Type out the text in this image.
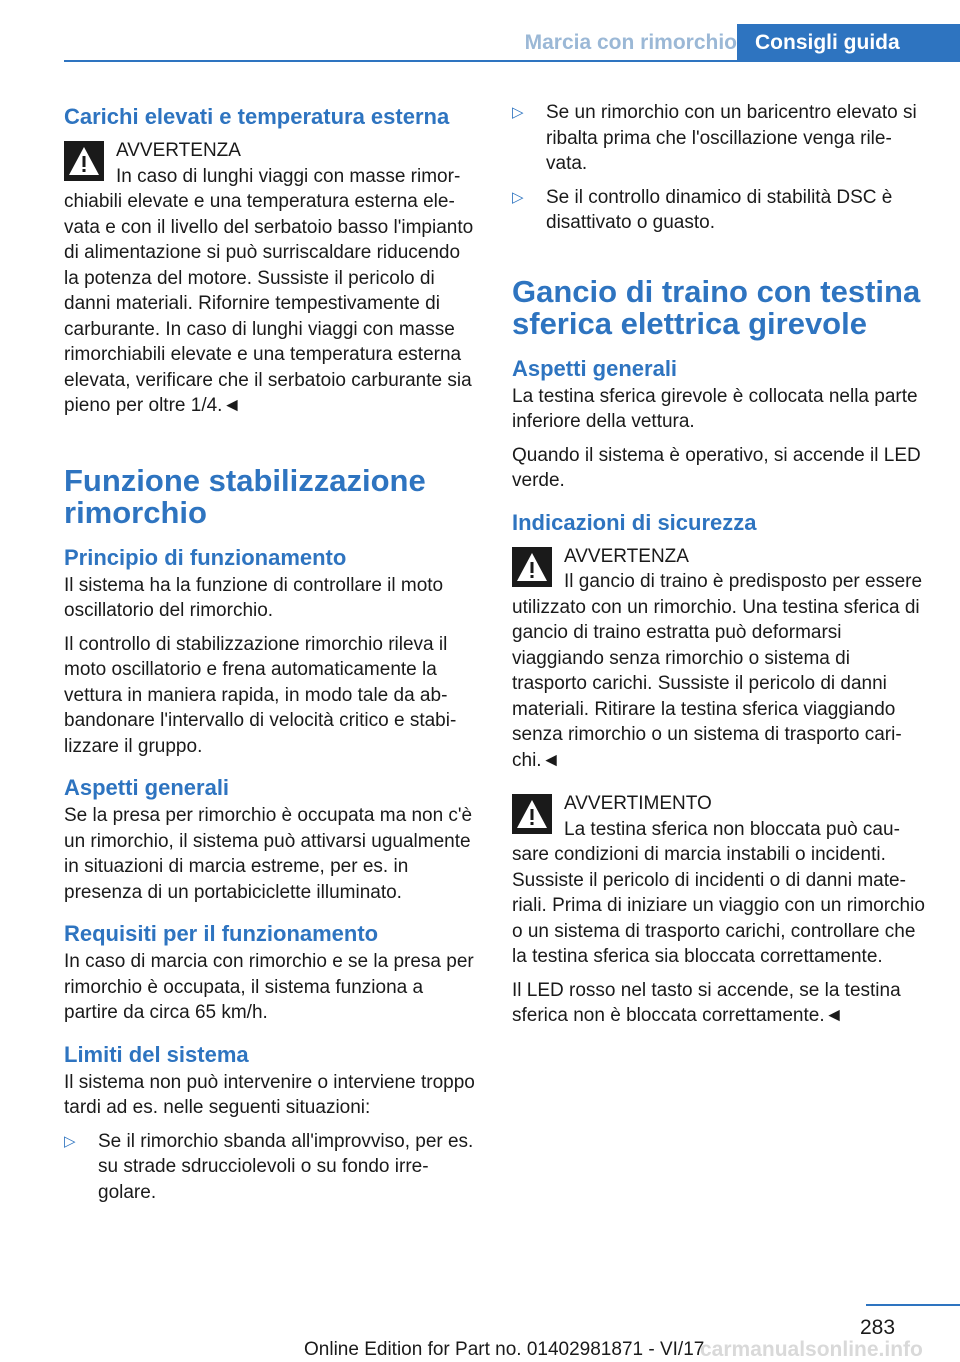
Marcia con rimorchio Consigli guida
Carichi elevati e temperatura esterna
AVVERTENZA
In caso di lunghi viaggi con masse rimorchiabili elevate e una temperatura esterna elevata e con il livello del serbatoio basso l'impianto di alimentazione si può surriscaldare riducendo la potenza del motore. Sussiste il pericolo di danni materiali. Rifornire tempestivamente di carburante. In caso di lunghi viaggi con masse rimorchiabili elevate e una temperatura esterna elevata, verificare che il serbatoio carburante sia pieno per oltre 1/4.◄
Funzione stabilizzazione rimorchio
Principio di funzionamento

Il sistema ha la funzione di controllare il moto oscillatorio del rimorchio.

Il controllo di stabilizzazione rimorchio rileva il moto oscillatorio e frena automaticamente la vettura in maniera rapida, in modo tale da abbandonare l'intervallo di velocità critico e stabilizzare il gruppo.

Aspetti generali

Se la presa per rimorchio è occupata ma non c'è un rimorchio, il sistema può attivarsi ugualmente in situazioni di marcia estreme, per es. in presenza di un portabiciclette illuminato.

Requisiti per il funzionamento

In caso di marcia con rimorchio e se la presa per rimorchio è occupata, il sistema funziona a partire da circa 65 km/h.

Limiti del sistema

Il sistema non può intervenire o interviene troppo tardi ad es. nelle seguenti situazioni:

▷ Se il rimorchio sbanda all'improvviso, per es. su strade sdrucciolevoli o su fondo irregolare.
▷ Se un rimorchio con un baricentro elevato si ribalta prima che l'oscillazione venga rilevata.
▷ Se il controllo dinamico di stabilità DSC è disattivato o guasto.
Gancio di traino con testina sferica elettrica girevole
Aspetti generali

La testina sferica girevole è collocata nella parte inferiore della vettura.

Quando il sistema è operativo, si accende il LED verde.

Indicazioni di sicurezza
AVVERTENZA
Il gancio di traino è predisposto per essere utilizzato con un rimorchio. Una testina sferica di gancio di traino estratta può deformarsi viaggiando senza rimorchio o sistema di trasporto carichi. Sussiste il pericolo di danni materiali. Ritirare la testina sferica viaggiando senza rimorchio o un sistema di trasporto carichi.◄
AVVERTIMENTO
La testina sferica non bloccata può causare condizioni di marcia instabili o incidenti. Sussiste il pericolo di incidenti o di danni materiali. Prima di iniziare un viaggio con un rimorchio o un sistema di trasporto carichi, controllare che la testina sferica sia bloccata correttamente.

Il LED rosso nel tasto si accende, se la testina sferica non è bloccata correttamente.◄

283
carmanualsonline.info
Online Edition for Part no. 01402981871 - VI/17
